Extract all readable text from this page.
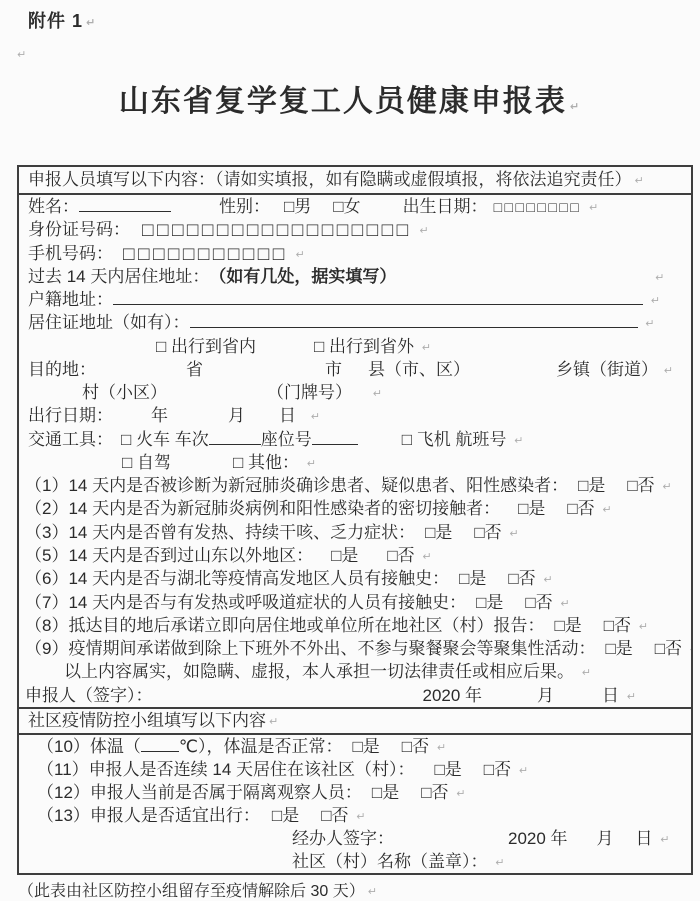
附件 1 ↵
↵
山东省复学复工人员健康申报表 ↵
申报人员填写以下内容：（请如实填报，如有隐瞒或虚假填报，将依法追究责任） ↵
姓名：	性别： □男 □女 出生日期： □□□□□□□□ ↵
身份证号码： □□□□□□□□□□□□□□□□□□ ↵
手机号码： □□□□□□□□□□□ ↵
过去 14 天内居住地址：（如有几处，据实填写） ↵
户籍地址： ↵
居住证地址（如有）： ↵
□ 出行到省内	□ 出行到省外 ↵
目的地：	省	市 县（市、区）	乡镇（街道） ↵
村（小区）	（门牌号） ↵
出行日期： 年	月 日 ↵
交通工具： □ 火车 车次	座位号	□ 飞机 航班号 ↵
□ 自驾	□ 其他： ↵
（1）14 天内是否被诊断为新冠肺炎确诊患者、疑似患者、阳性感染者： □是 □否 ↵
（2）14 天内是否为新冠肺炎病例和阳性感染者的密切接触者： □是 □否 ↵
（3）14 天内是否曾有发热、持续干咳、乏力症状： □是 □否 ↵
（5）14 天内是否到过山东以外地区： □是 □否 ↵
（6）14 天内是否与湖北等疫情高发地区人员有接触史： □是 □否 ↵
（7）14 天内是否与有发热或呼吸道症状的人员有接触史： □是 □否 ↵
（8）抵达目的地后承诺立即向居住地或单位所在地社区（村）报告： □是 □否 ↵
（9）疫情期间承诺做到除上下班外不外出、不参与聚餐聚会等聚集性活动： □是 □否 ↵
以上内容属实，如隐瞒、虚报，本人承担一切法律责任或相应后果。 ↵
申报人（签字）：	2020 年	月	日 ↵
社区疫情防控小组填写以下内容 ↵
（10）体温（ ℃），体温是否正常： □是 □否 ↵
（11）申报人是否连续 14 天居住在该社区（村）： □是 □否 ↵
（12）申报人当前是否属于隔离观察人员： □是 □否 ↵
（13）申报人是否适宜出行： □是 □否 ↵
经办人签字：	2020 年 月 日 ↵
社区（村）名称（盖章）： ↵
（此表由社区防控小组留存至疫情解除后 30 天） ↵
